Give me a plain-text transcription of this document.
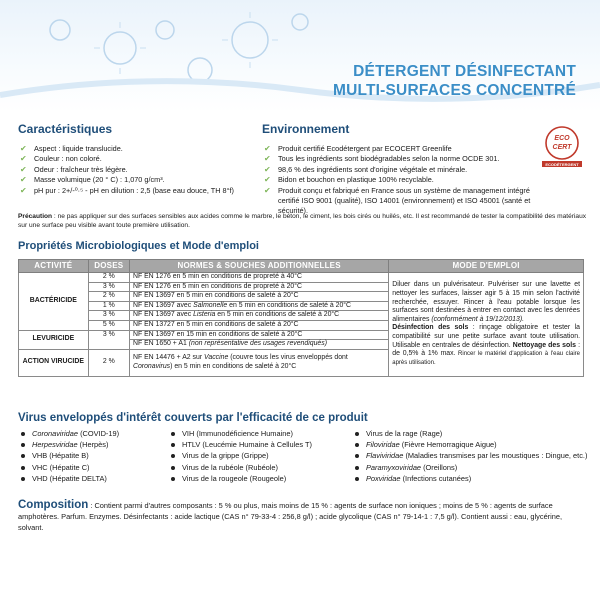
DÉTERGENT DÉSINFECTANT
MULTI-SURFACES CONCENTRÉ
Caractéristiques
✔ Aspect : liquide translucide.
✔ Couleur : non coloré.
✔ Odeur : fraîcheur très légère.
✔ Masse volumique (20 ° C) : 1,070 g/cm³.
✔ pH pur : 2+/-⁰·⁵ - pH en dilution : 2,5 (base eau douce, TH 8°f)
Environnement
✔ Produit certifié Ecodétergent par ECOCERT Greenlife
✔ Tous les ingrédients sont biodégradables selon la norme OCDE 301.
✔ 98,6 % des ingrédients sont d'origine végétale et minérale.
✔ Bidon et bouchon en plastique 100% recyclable.
✔ Produit conçu et fabriqué en France sous un système de management intégré certifié ISO 9001 (qualité), ISO 14001 (environnement) et ISO 45001 (santé et sécurité).
ECO
CERT
ECODÉTERGENT
Précaution : ne pas appliquer sur des surfaces sensibles aux acides comme le marbre, le béton, le ciment, les bois cirés ou huilés, etc. Il est recommandé de tester la compatibilité des matériaux sur une surface peu visible avant toute première utilisation.
Propriétés Microbiologiques et Mode d'emploi
ACTIVITÉ	DOSES	NORMES & SOUCHES ADDITIONNELLES	MODE D'EMPLOI
BACTÉRICIDE	2 %	NF EN 1276 en 5 min en conditions de propreté à 40°C	Diluer dans un pulvérisateur. Pulvériser sur une lavette et nettoyer les surfaces, laisser agir 5 à 15 min selon l'activité recherchée, essuyer. Rincer à l'eau potable lorsque les surfaces sont destinées à entrer en contact avec les denrées alimentaires (conformément à 19/12/2013).
Désinfection des sols : rinçage obligatoire et tester la compatibilité sur une petite surface avant toute utilisation. Utilisable en centrales de désinfection. Nettoyage des sols : de 0,5% à 1% max. Rincer le matériel d'application à l'eau claire après utilisation.
	3 %	NF EN 1276 en 5 min en conditions de propreté à 20°C	
	2 %	NF EN 13697 en 5 min en conditions de saleté à 20°C	
	1 %	NF EN 13697 avec Salmonelle en 5 min en conditions de saleté à 20°C	
	3 %	NF EN 13697 avec Listeria en 5 min en conditions de saleté à 20°C	
	5 %	NF EN 13727 en 5 min en conditions de saleté à 20°C	
LEVURICIDE	3 %	NF EN 13697 en 15 min en conditions de saleté à 20°C	
		NF EN 1650 + A1 (non représentative des usages revendiqués)	
ACTION VIRUCIDE	2 %	NF EN 14476 + A2 sur Vaccine (couvre tous les virus enveloppés dont Coronavirus) en 5 min en conditions de saleté à 20°C	

Virus enveloppés d'intérêt couverts par l'efficacité de ce produit
Coronaviridae (COVID-19)
Herpesviridae (Herpès)
VHB (Hépatite B)
VHC (Hépatite C)
VHD (Hépatite DELTA)
VIH (Immunodéficience Humaine)
HTLV (Leucémie Humaine à Cellules T)
Virus de la grippe (Grippe)
Virus de la rubéole (Rubéole)
Virus de la rougeole (Rougeole)
Virus de la rage (Rage)
Filoviridae (Fièvre Hemorragique Aigue)
Flaviviridae (Maladies transmises par les moustiques : Dingue, etc.)
Paramyxoviridae (Oreillons)
Poxviridae (Infections cutanées)
Composition : Contient parmi d'autres composants : 5 % ou plus, mais moins de 15 % : agents de surface non ioniques ; moins de 5 % : agents de surface amphotères. Parfum. Enzymes. Désinfectants : acide lactique (CAS n° 79-33-4 : 256,8 g/l) ; acide glycolique (CAS n° 79-14-1 : 7,5 g/l). Contient aussi : eau, glycérine, solvant.
